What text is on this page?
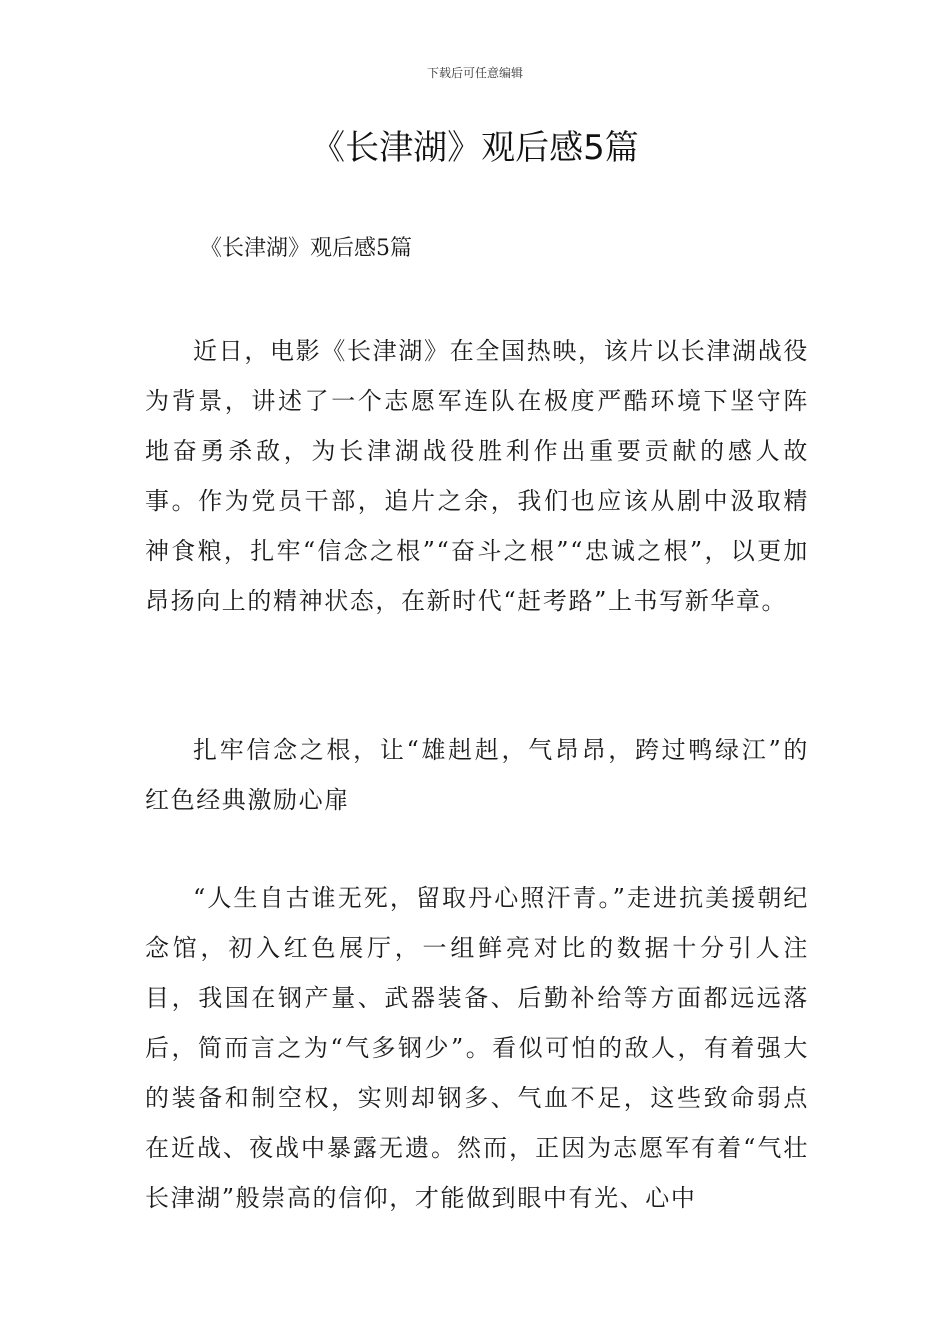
下载后可任意编辑
《长津湖》观后感5篇

《长津湖》观后感5篇

近日，电影《长津湖》在全国热映，该片以长津湖战役为背景，讲述了一个志愿军连队在极度严酷环境下坚守阵地奋勇杀敌，为长津湖战役胜利作出重要贡献的感人故事。作为党员干部，追片之余，我们也应该从剧中汲取精神食粮，扎牢“信念之根”“奋斗之根”“忠诚之根”，以更加昂扬向上的精神状态，在新时代“赶考路”上书写新华章。

扎牢信念之根，让“雄赳赳，气昂昂，跨过鸭绿江”的红色经典激励心扉

“人生自古谁无死，留取丹心照汗青。”走进抗美援朝纪念馆，初入红色展厅，一组鲜亮对比的数据十分引人注目，我国在钢产量、武器装备、后勤补给等方面都远远落后，简而言之为“气多钢少”。看似可怕的敌人，有着强大的装备和制空权，实则却钢多、气血不足，这些致命弱点在近战、夜战中暴露无遗。然而，正因为志愿军有着“气壮长津湖”般崇高的信仰，才能做到眼中有光、心中
